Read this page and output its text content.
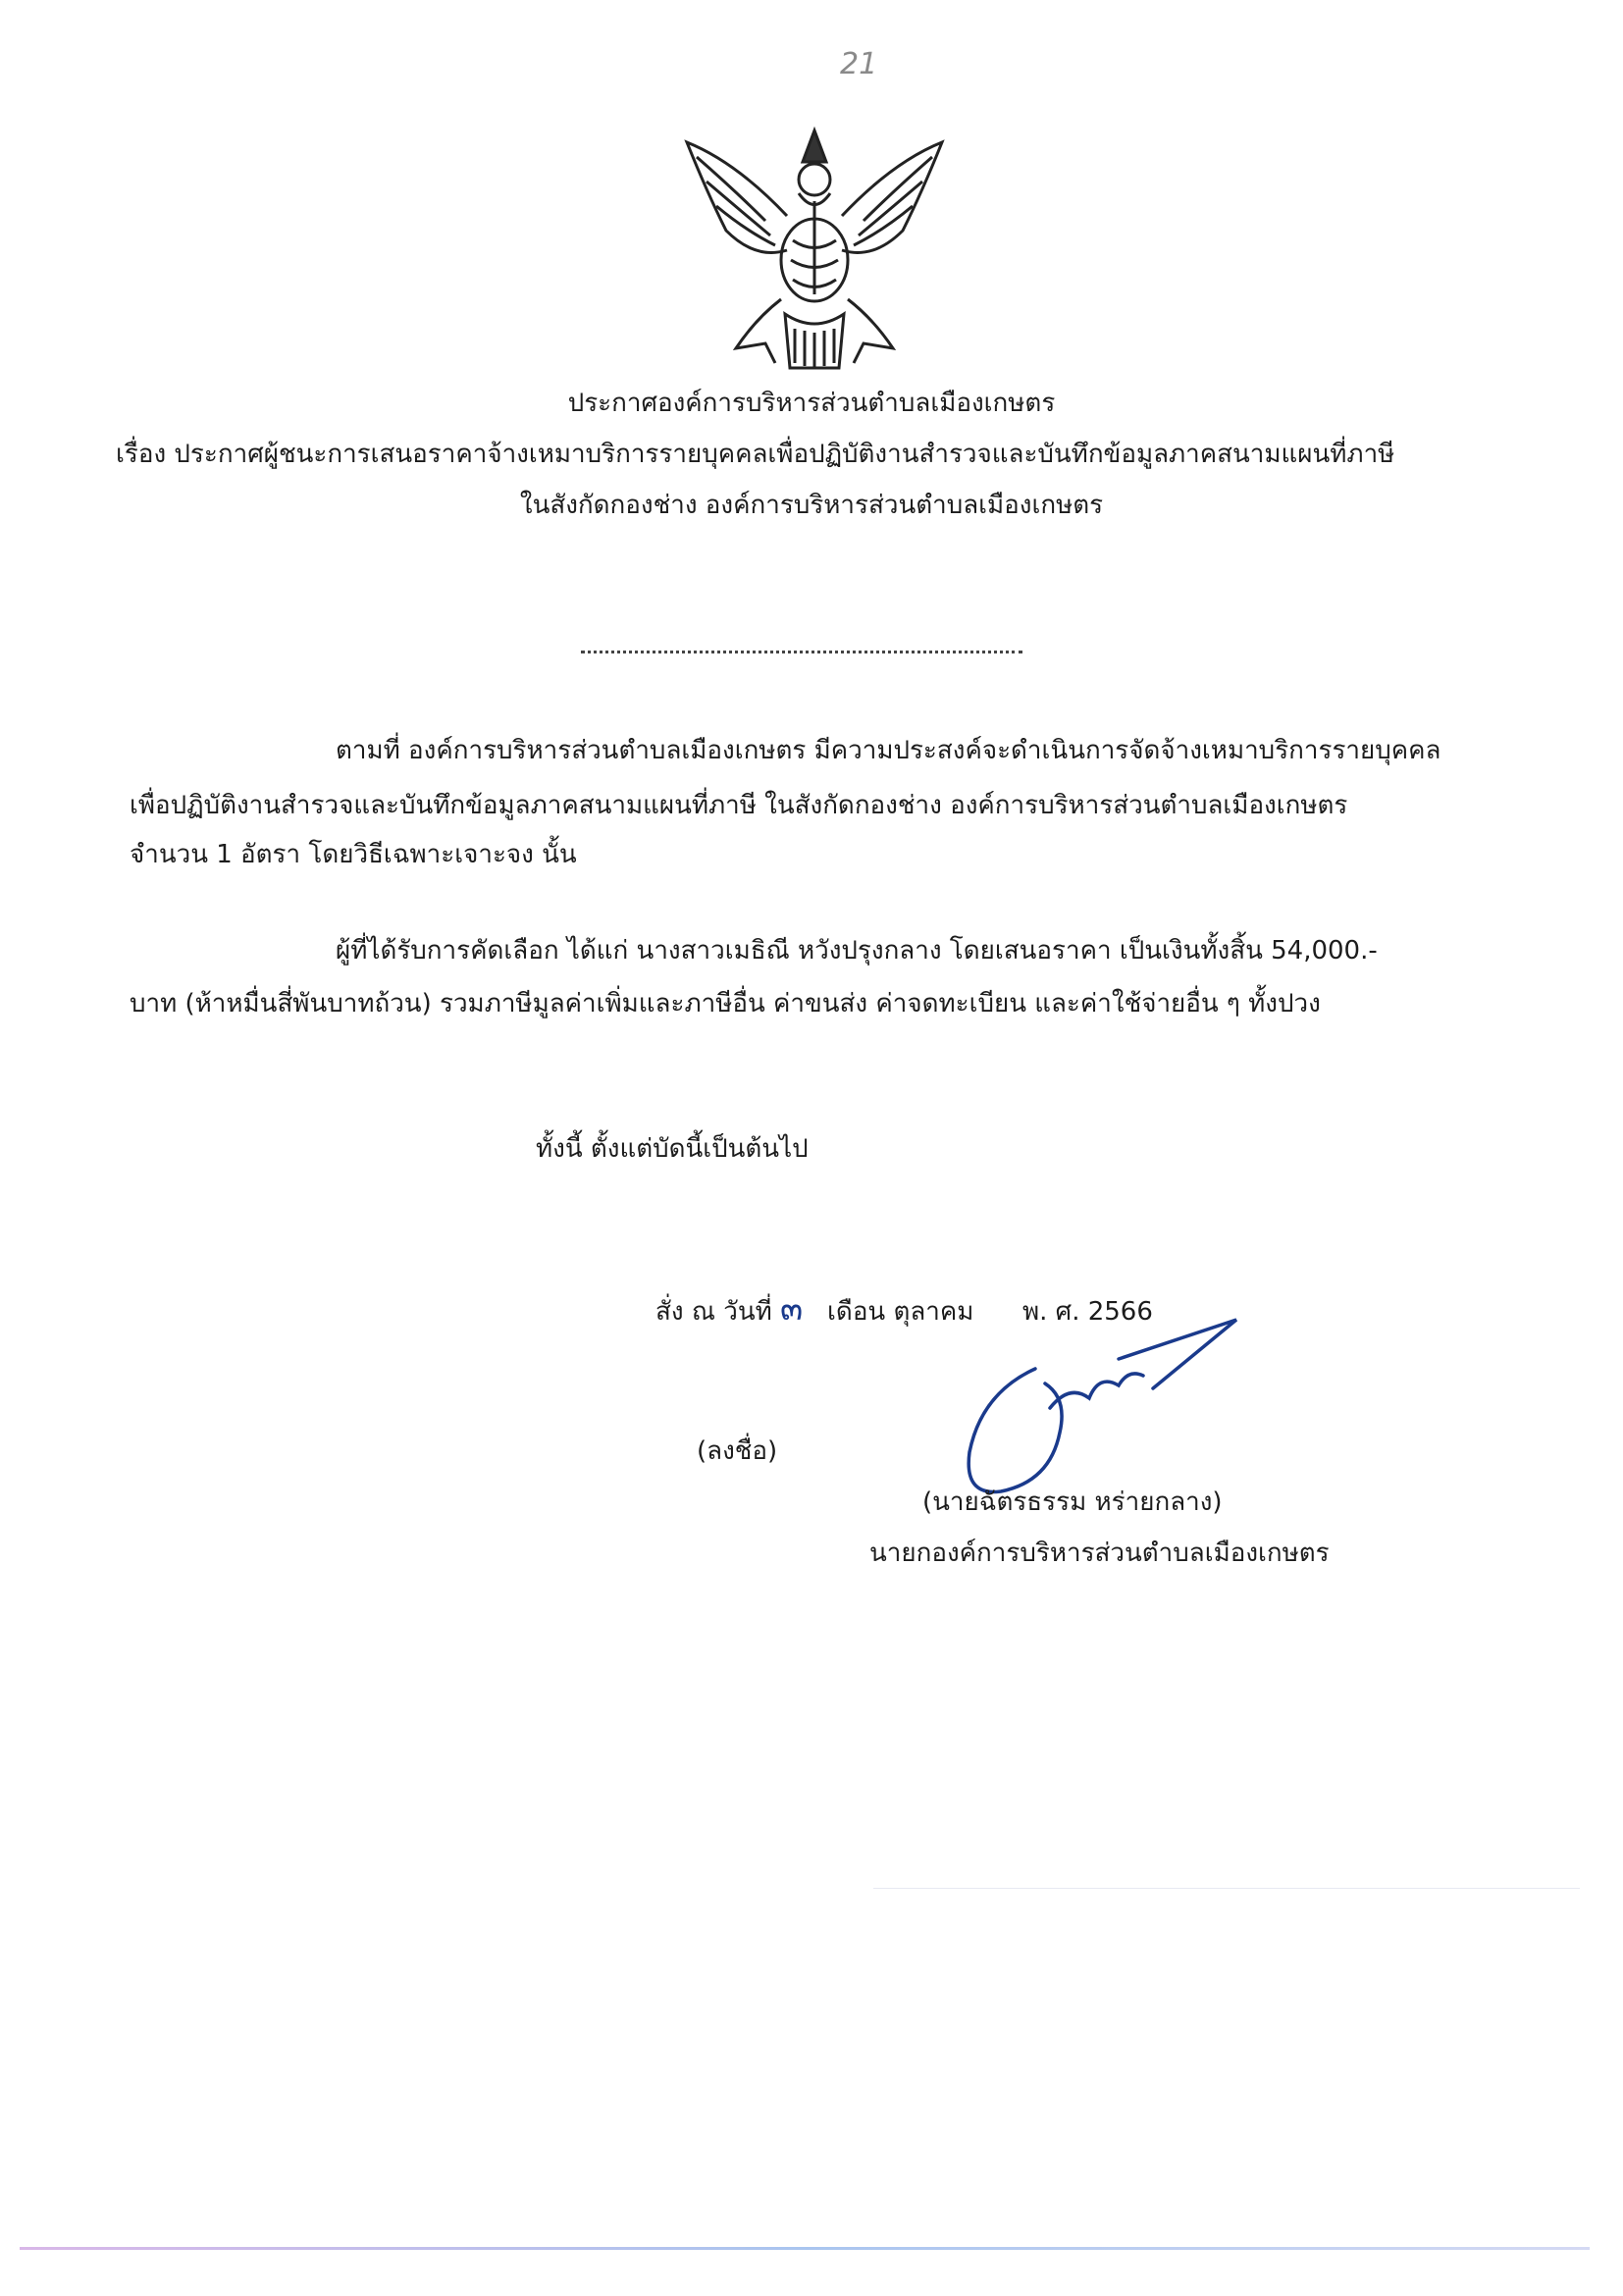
21
ประกาศองค์การบริหารส่วนตำบลเมืองเกษตร
เรื่อง ประกาศผู้ชนะการเสนอราคาจ้างเหมาบริการรายบุคคลเพื่อปฏิบัติงานสำรวจและบันทึกข้อมูลภาคสนามแผนที่ภาษี
ในสังกัดกองช่าง องค์การบริหารส่วนตำบลเมืองเกษตร
ตามที่ องค์การบริหารส่วนตำบลเมืองเกษตร มีความประสงค์จะดำเนินการจัดจ้างเหมาบริการรายบุคคล
เพื่อปฏิบัติงานสำรวจและบันทึกข้อมูลภาคสนามแผนที่ภาษี ในสังกัดกองช่าง องค์การบริหารส่วนตำบลเมืองเกษตร
จำนวน 1 อัตรา โดยวิธีเฉพาะเจาะจง นั้น
ผู้ที่ได้รับการคัดเลือก ได้แก่ นางสาวเมธิณี หวังปรุงกลาง โดยเสนอราคา เป็นเงินทั้งสิ้น 54,000.-
บาท (ห้าหมื่นสี่พันบาทถ้วน) รวมภาษีมูลค่าเพิ่มและภาษีอื่น ค่าขนส่ง ค่าจดทะเบียน และค่าใช้จ่ายอื่น ๆ ทั้งปวง
ทั้งนี้ ตั้งแต่บัดนี้เป็นต้นไป
สั่ง ณ วันที่ ๓ เดือน ตุลาคม พ. ศ. 2566
(ลงชื่อ)
(นายฉัตรธรรม หร่ายกลาง)
นายกองค์การบริหารส่วนตำบลเมืองเกษตร
